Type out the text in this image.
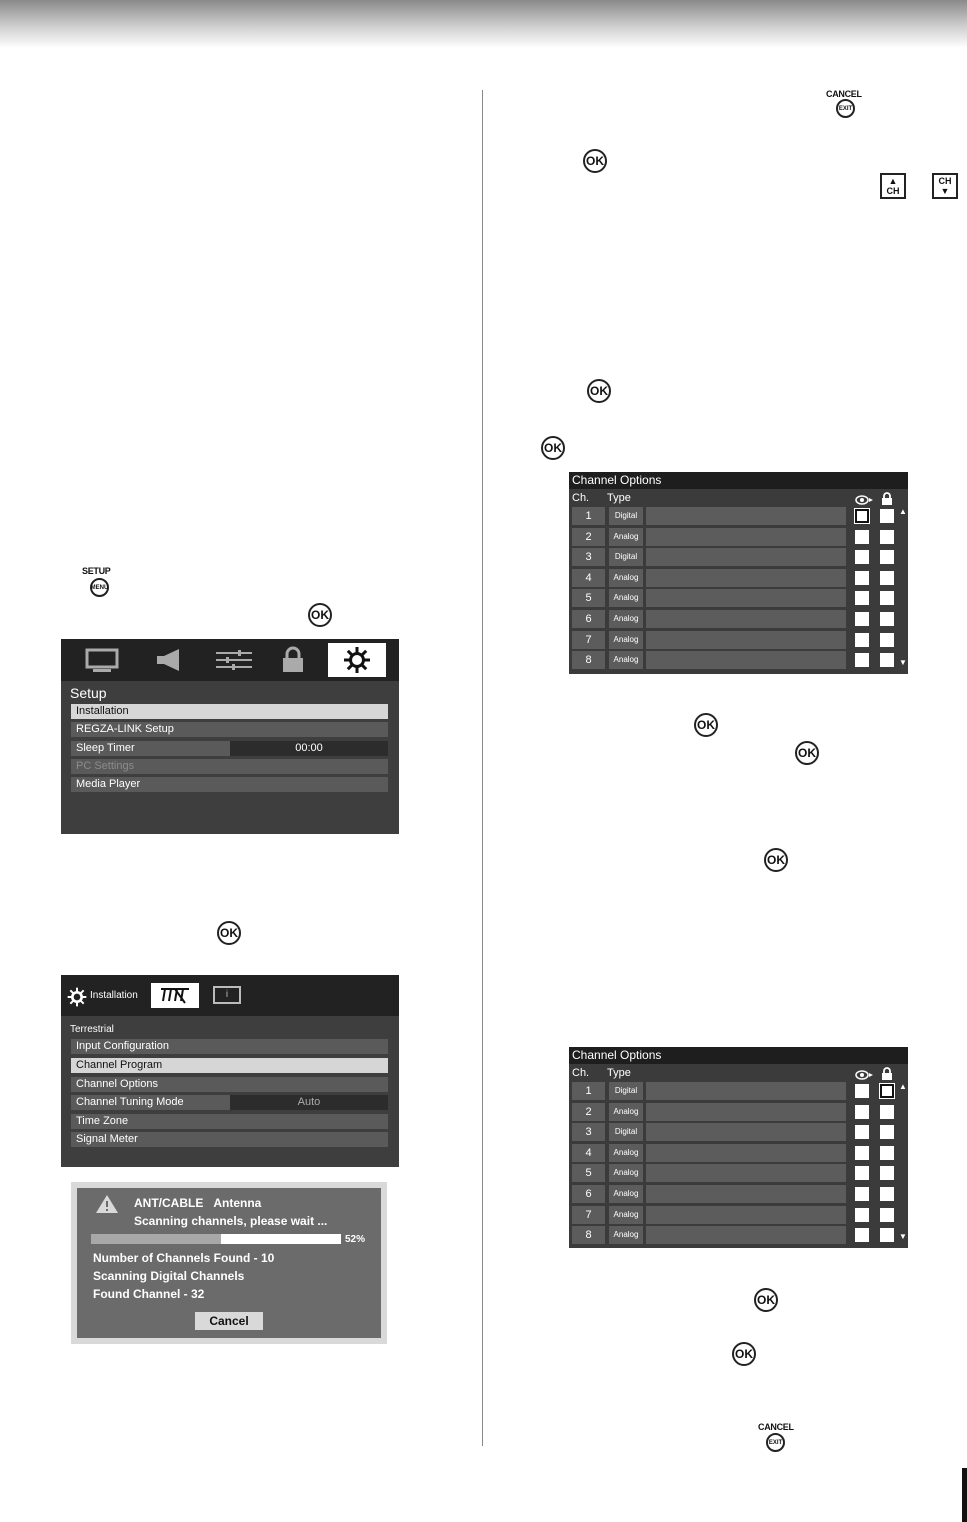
SETUP
MENU
OK
Setup
Installation
REGZA-LINK Setup
Sleep Timer	00:00
PC Settings
Media Player
OK
Installation	i
Terrestrial
Input Configuration
Channel Program
Channel Options
Channel Tuning Mode	Auto
Time Zone
Signal Meter
ANT/CABLE Antenna
Scanning channels, please wait ...
52%
Number of Channels Found - 10
Scanning Digital Channels
Found Channel - 32
Cancel
CANCEL
EXIT
OK
▲
CH
CH
▼
OK
OK
Channel Options
Ch. Type
1	Digital
2	Analog
3	Digital
4	Analog
5	Analog
6	Analog
7	Analog
8	Analog
▲
▼
OK
OK
OK
Channel Options
Ch. Type
1	Digital
2	Analog
3	Digital
4	Analog
5	Analog
6	Analog
7	Analog
8	Analog
▲
▼
OK
OK
CANCEL
EXIT
